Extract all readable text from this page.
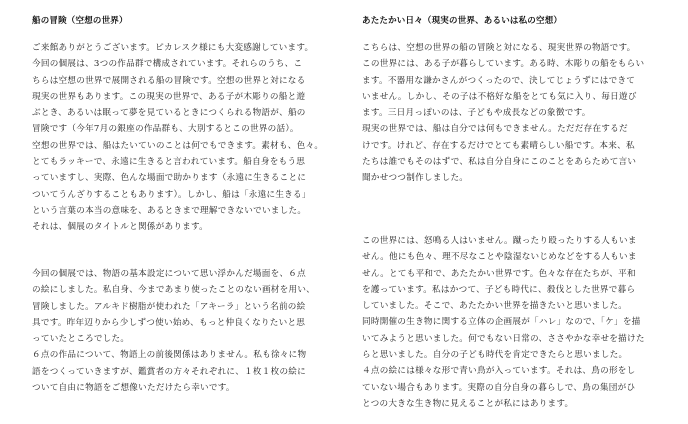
船の冒険（空想の世界）
ご来館ありがとうございます。ピカレスク様にも大変感謝しています。
今回の個展は、3つの作品群で構成されています。それらのうち、こ
ちらは空想の世界で展開される船の冒険です。空想の世界と対になる
現実の世界もあります。この現実の世界で、ある子が木彫りの船と遊
ぶとき、あるいは眠って夢を見ているときにつくられる物語が、船の
冒険です（今年7月の銀座の作品群も、大別するとこの世界の話）。
空想の世界では、船はたいていのことは何でもできます。素材も、色々。
とてもラッキーで、永遠に生きると言われています。船自身をもう思
っていますし、実際、色んな場面で助かります（永遠に生きることに
ついてうんざりすることもあります）。しかし、船は「永遠に生きる」
という言葉の本当の意味を、あるときまで理解できないでいました。
それは、個展のタイトルと関係があります。
今回の個展では、物語の基本設定について思い浮かんだ場面を、６点
の絵にしました。私自身、今まであまり使ったことのない画材を用い、
冒険しました。アルキド樹脂が使われた「アキーラ」という名前の絵
具です。昨年辺りから少しずつ使い始め、もっと仲良くなりたいと思
っていたところでした。
６点の作品について、物語上の前後関係はありません。私も徐々に物
語をつくっていきますが、鑑賞者の方々それぞれに、１枚１枚の絵に
ついて自由に物語をご想像いただけたら幸いです。
あたたかい日々（現実の世界、あるいは私の空想）
こちらは、空想の世界の船の冒険と対になる、現実世界の物語です。
この世界には、ある子が暮らしています。ある時、木彫りの船をもらい
ます。不器用な謙かさんがつくったので、決してじょうずにはできて
いません。しかし、その子は不格好な船をとても気に入り、毎日遊び
ます。三日月っぽいのは、子どもや成長などの象徴です。
現実の世界では、船は自分では何もできません。ただだ存在するだ
けです。けれど、存在するだけでとても素晴らしい船です。本来、私
たちは誰でもそのはずで、私は自分自身にこのことをあらためて言い
聞かせつつ制作しました。
この世界には、怒鳴る人はいません。蹴ったり殴ったりする人もいま
せん。他にも色々、理不尽なことや陰湿ないじめなどをする人もいま
せん。とても平和で、あたたかい世界です。色々な存在たちが、平和
を護っています。私はかつて、子ども時代に、殺伐とした世界で暮ら
していました。そこで、あたたかい世界を描きたいと思いました。
同時開催の生き物に関する立体の企画展が「ハレ」なので、「ケ」を描
いてみようと思いました。何でもない日常の、ささやかな幸せを描けた
らと思いました。自分の子ども時代を肯定できたらと思いました。
４点の絵には様々な形で青い鳥が入っています。それは、鳥の形をし
ていない場合もあります。実際の自分自身の暮らしで、鳥の集団がひ
とつの大きな生き物に見えることが私にはあります。
